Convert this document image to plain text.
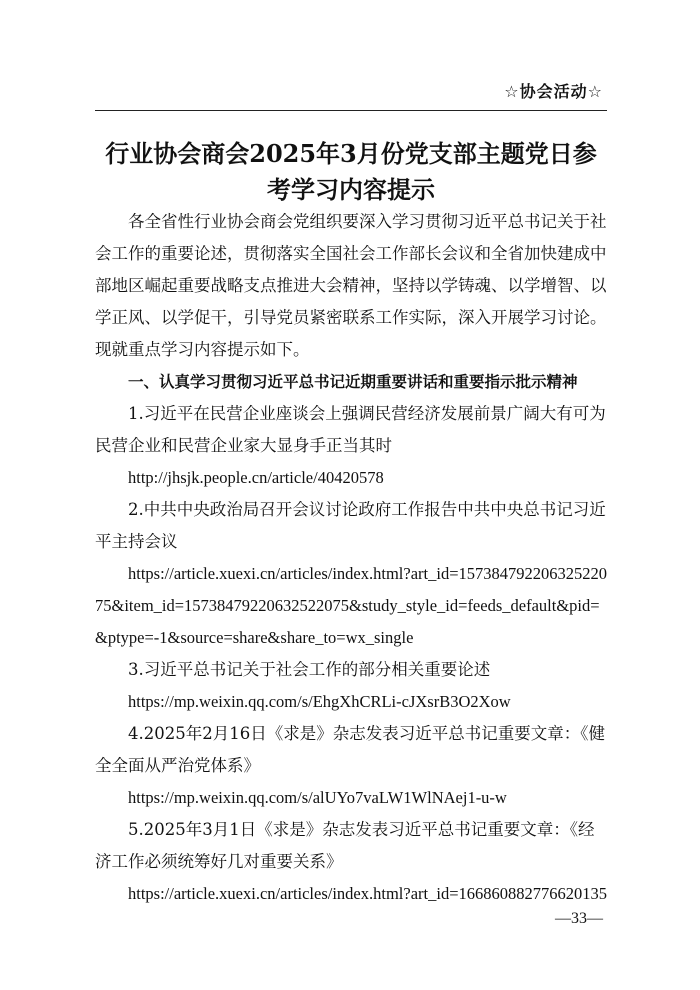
☆协会活动☆
行业协会商会2025年3月份党支部主题党日参考学习内容提示

各全省性行业协会商会党组织要深入学习贯彻习近平总书记关于社会工作的重要论述，贯彻落实全国社会工作部长会议和全省加快建成中部地区崛起重要战略支点推进大会精神，坚持以学铸魂、以学增智、以学正风、以学促干，引导党员紧密联系工作实际，深入开展学习讨论。现就重点学习内容提示如下。

一、认真学习贯彻习近平总书记近期重要讲话和重要指示批示精神

1.习近平在民营企业座谈会上强调民营经济发展前景广阔大有可为 民营企业和民营企业家大显身手正当其时

http://jhsjk.people.cn/article/40420578

2.中共中央政治局召开会议讨论政府工作报告中共中央总书记习近平主持会议

https://article.xuexi.cn/articles/index.html?art_id=15738479220632522075&item_id=15738479220632522075&study_style_id=feeds_default&pid=&ptype=-1&source=share&share_to=wx_single

3.习近平总书记关于社会工作的部分相关重要论述

https://mp.weixin.qq.com/s/EhgXhCRLi-cJXsrB3O2Xow

4.2025年2月16日《求是》杂志发表习近平总书记重要文章：《健全全面从严治党体系》

https://mp.weixin.qq.com/s/alUYo7vaLW1WlNAej1-u-w

5.2025年3月1日《求是》杂志发表习近平总书记重要文章：《经济工作必须统筹好几对重要关系》

https://article.xuexi.cn/articles/index.html?art_id=16686088277662013​5

—33—
